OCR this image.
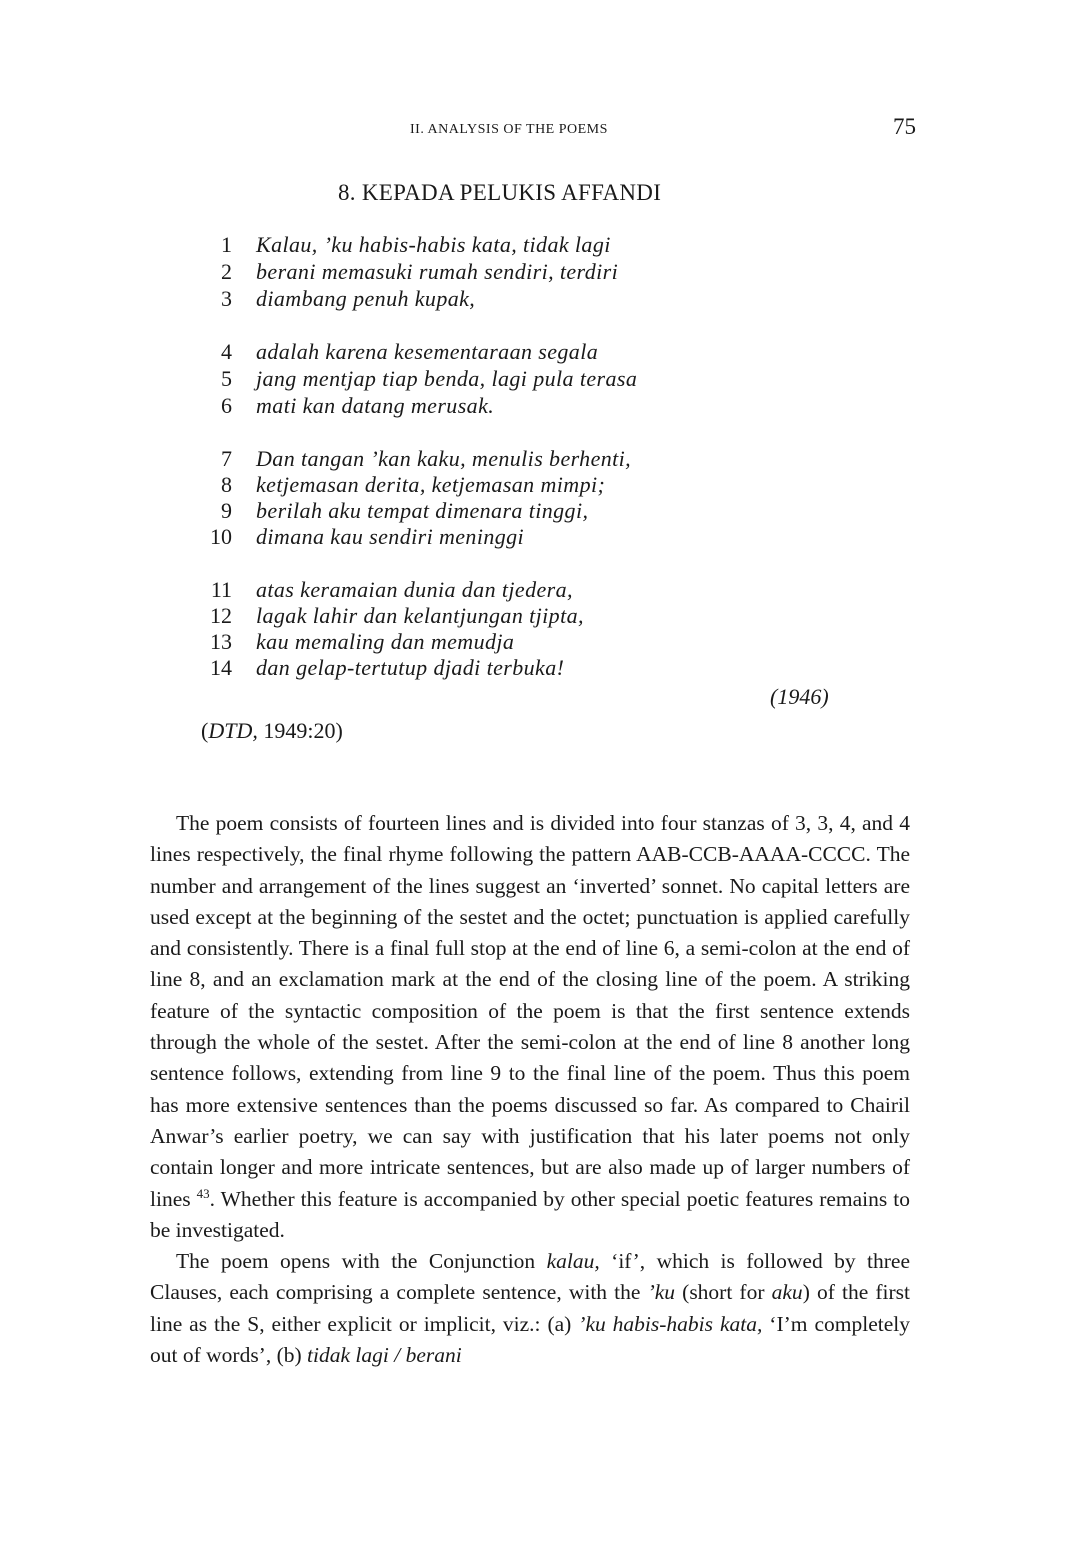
II. ANALYSIS OF THE POEMS	75
8. KEPADA PELUKIS AFFANDI
1 Kalau, ’ku habis-habis kata, tidak lagi
2 berani memasuki rumah sendiri, terdiri
3 diambang penuh kupak,
4 adalah karena kesementaraan segala
5 jang mentjap tiap benda, lagi pula terasa
6 mati kan datang merusak.
7 Dan tangan ’kan kaku, menulis berhenti,
8 ketjemasan derita, ketjemasan mimpi;
9 berilah aku tempat dimenara tinggi,
10 dimana kau sendiri meninggi
11 atas keramaian dunia dan tjedera,
12 lagak lahir dan kelantjungan tjipta,
13 kau memaling dan memudja
14 dan gelap-tertutup djadi terbuka!
(1946)
(DTD, 1949:20)

The poem consists of fourteen lines and is divided into four stanzas of 3, 3, 4, and 4 lines respectively, the final rhyme following the pattern AAB-CCB-AAAA-CCCC. The number and arrangement of the lines suggest an ‘inverted’ sonnet. No capital letters are used except at the beginning of the sestet and the octet; punctuation is applied carefully and consistently. There is a final full stop at the end of line 6, a semi-colon at the end of line 8, and an exclamation mark at the end of the closing line of the poem. A striking feature of the syntactic composition of the poem is that the first sentence extends through the whole of the sestet. After the semi-colon at the end of line 8 another long sentence follows, extending from line 9 to the final line of the poem. Thus this poem has more extensive sentences than the poems discussed so far. As compared to Chairil Anwar’s earlier poetry, we can say with justification that his later poems not only contain longer and more intricate sentences, but are also made up of larger numbers of lines $^{43}$. Whether this feature is accompanied by other special poetic features remains to be investigated.

The poem opens with the Conjunction kalau, ‘if’, which is followed by three Clauses, each comprising a complete sentence, with the ’ku (short for aku) of the first line as the S, either explicit or implicit, viz.: (a) ’ku habis-habis kata, ‘I’m completely out of words’, (b) tidak lagi / berani
